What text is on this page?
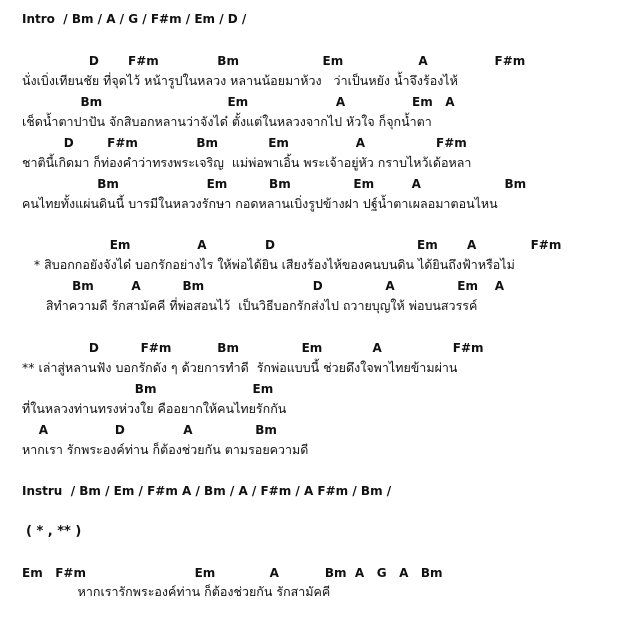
Intro  / Bm / A / G / F#m / Em / D /
D       F#m              Bm                    Em                  A                F#m
นั่งเบิ่งเทียนชัย ที่จุดไว้ หน้ารูปในหลวง หลานน้อยมาห้วง   ว่าเป็นหยัง น้ำจึงร้องไห้
Bm                              Em                     A                Em   A
เช็ดน้ำตาปาปัน จักสิบอกหลานว่าจังได๋ ตั้งแต่ในหลวงจากไป หัวใจ ก็จุกน้ำตา
D        F#m              Bm            Em                A                 F#m
ชาตินี้เกิดมา ก็ท่องคำว่าทรงพระเจริญ  แม่พ่อพาเอิ้น พระเจ้าอยู่หัว กราบไหว้เด้อหลา
Bm                     Em          Bm               Em         A                    Bm
คนไทยทั้งแผ่นดินนี้ บารมีในหลวงรักษา กอดหลานเบิ่งรูปข้างฝา ปฐ์น้ำตาเผลอมาตอนไหน
Em                A              D                                  Em       A             F#m
* สิบอกกอยังจังได๋ บอกรักอย่างไร ให้พ่อได้ยิน เสียงร้องไห้ของคนบนดิน ได้ยินถึงฟ้าหรือไม่
Bm         A          Bm                          D               A               Em    A
สิทำความดี รักสามัคคี ที่พ่อสอนไว้  เป็นวิธีบอกรักส่งไป ถวายบุญให้ พ่อบนสวรรค์
D          F#m           Bm               Em            A                 F#m
** เล่าสู่หลานฟัง บอกรักดัง ๆ ด้วยการทำดี  รักพ่อแบบนี้ ช่วยดึงใจพาไทยข้ามผ่าน
Bm                       Em
ที่ในหลวงท่านทรงห่วงใย คืออยากให้คนไทยรักกัน
A                D              A               Bm
หากเรา รักพระองค์ท่าน ก็ต้องช่วยกัน ตามรอยความดี
Instru  / Bm / Em / F#m A / Bm / A / F#m / A F#m / Bm /
( * , ** )
Em   F#m                          Em             A           Bm  A   G   A   Bm
หากเรารักพระองค์ท่าน ก็ต้องช่วยกัน รักสามัคคี
